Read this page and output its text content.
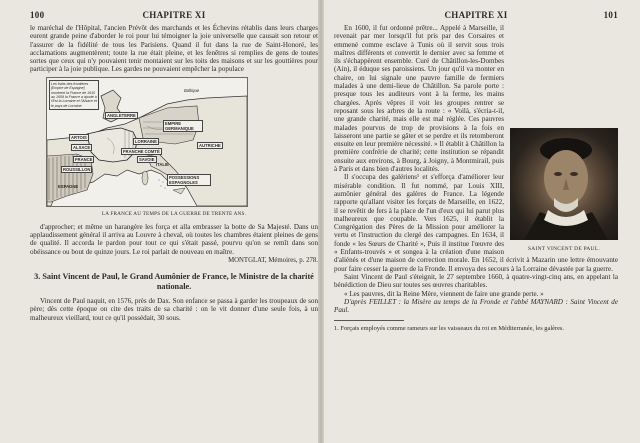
100	CHAPITRE XI

le maréchal de l'Hôpital, l'ancien Prévôt des marchands et les Échevins rétablis dans leurs charges eurent grande peine d'aborder le roi pour lui témoigner la joie universelle que causait son retour et l'assurer de la fidélité de tous les Parisiens. Quand il fut dans la rue de Saint-Honoré, les acclamations augmentèrent; toute la rue était pleine, et les fenêtres si remplies de gens de toutes sortes que ceux qui n'y pouvaient tenir montaient sur les toits des maisons et sur les gouttières pour participer à la joie publique. Les gardes ne pouvaient empêcher la populace

Les traits des frontières [Empire de Espagne] montrent la France de 1610 au 1659 la France a ajouté à l'Est la Lorraine et l'Alsace et le pays de Lorraine
ANGLETERRE
Baltique
ARTOIS
ALSACE
FRANCE
ROUSSILLON
ESPAGNE
EMPIRE GERMANIQUE
LORRAINE
FRANCHE COMTÉ
SAVOIE
AUTRICHE
ITALIE
POSSESSIONS ESPAGNOLES
LA FRANCE AU TEMPS DE LA GUERRE DE TRENTE ANS.

d'approcher; et même un harangère les força et alla embrasser la botte de Sa Majesté. Dans un applaudissement général il arriva au Louvre à cheval, où toutes les chambres étaient pleines de gens de qualité. Il accorda le pardon pour tout ce qui s'était passé, pourvu qu'on se remît dans son obéissance ou bout de quinze jours. Le roi parlait de nouveau en maître.

MONTGLAT, Mémoires, p. 278.
3. Saint Vincent de Paul, le Grand Aumônier de France, le Ministre de la charité nationale.

Vincent de Paul naquit, en 1576, près de Dax. Son enfance se passa à garder les troupeaux de son père; dès cette époque on cite des traits de sa charité : on le vit donner d'une seule fois, à un malheureux vieillard, tout ce qu'il possédait, 30 sous.

CHAPITRE XI	101
SAINT VINCENT DE PAUL.

En 1600, il fut ordonné prêtre... Appelé à Marseille, il revenait par mer lorsqu'il fut pris par des Corsaires et emmené comme esclave à Tunis où il servit sous trois maîtres différents et convertit le dernier avec sa femme et ils s'échappèrent ensemble. Curé de Châtillon-les-Dombes (Ain), il éduque ses paroissiens. Un jour qu'il va monter en chaire, on lui signale une pauvre famille de fermiers malades à une demi-lieue de Châtillon. Sa parole porte : presque tous les auditeurs vont à la ferme, les mains chargées. Après vêpres il voit les groupes rentrer se reposant sous les arbres de la route : « Voilà, s'écria-t-il, une grande charité, mais elle est mal réglée. Ces pauvres malades pourvus de trop de provisions à la fois en laisseront une partie se gâter et se perdre et ils retomberont ensuite en leur première nécessité. » Il établit à Châtillon la première confrérie de charité; cette institution se répandit ensuite aux environs, à Bourg, à Joigny, à Montmirail, puis à Paris et dans bien d'autres localités.

Il s'occupa des galériens¹ et s'efforça d'améliorer leur misérable condition. Il fut nommé, par Louis XIII, aumônier général des galères de France. La légende rapporte qu'allant visiter les forçats de Marseille, en 1622, il se revêtit de fers à la place de l'un d'eux qui lui parut plus malheureux que coupable. Vers 1625, il établit la Congrégation des Pères de la Mission pour améliorer la vertu et l'instruction du clergé des campagnes. En 1634, il fonde « les Sœurs de Charité », Puis il institue l'œuvre des « Enfants-trouvés » et songea à la création d'une maison d'aliénés et d'une maison de correction morale. En 1652, il écrivit à Mazarin une lettre émouvante pour faire cesser la guerre de la Fronde. Il envoya des secours à la Lorraine dévastée par la guerre.

Saint Vincent de Paul s'éteignit, le 27 septembre 1660, à quatre-vingt-cinq ans, en appelant la bénédiction de Dieu sur toutes ses œuvres charitables.

« Les pauvres, dit la Reine Mère, viennent de faire une grande perte. »

D'après FEILLET : la Misère au temps de la Fronde et l'abbé MAYNARD : Saint Vincent de Paul.

1. Forçats employés comme rameurs sur les vaisseaux du roi en Méditerranée, les galères.
